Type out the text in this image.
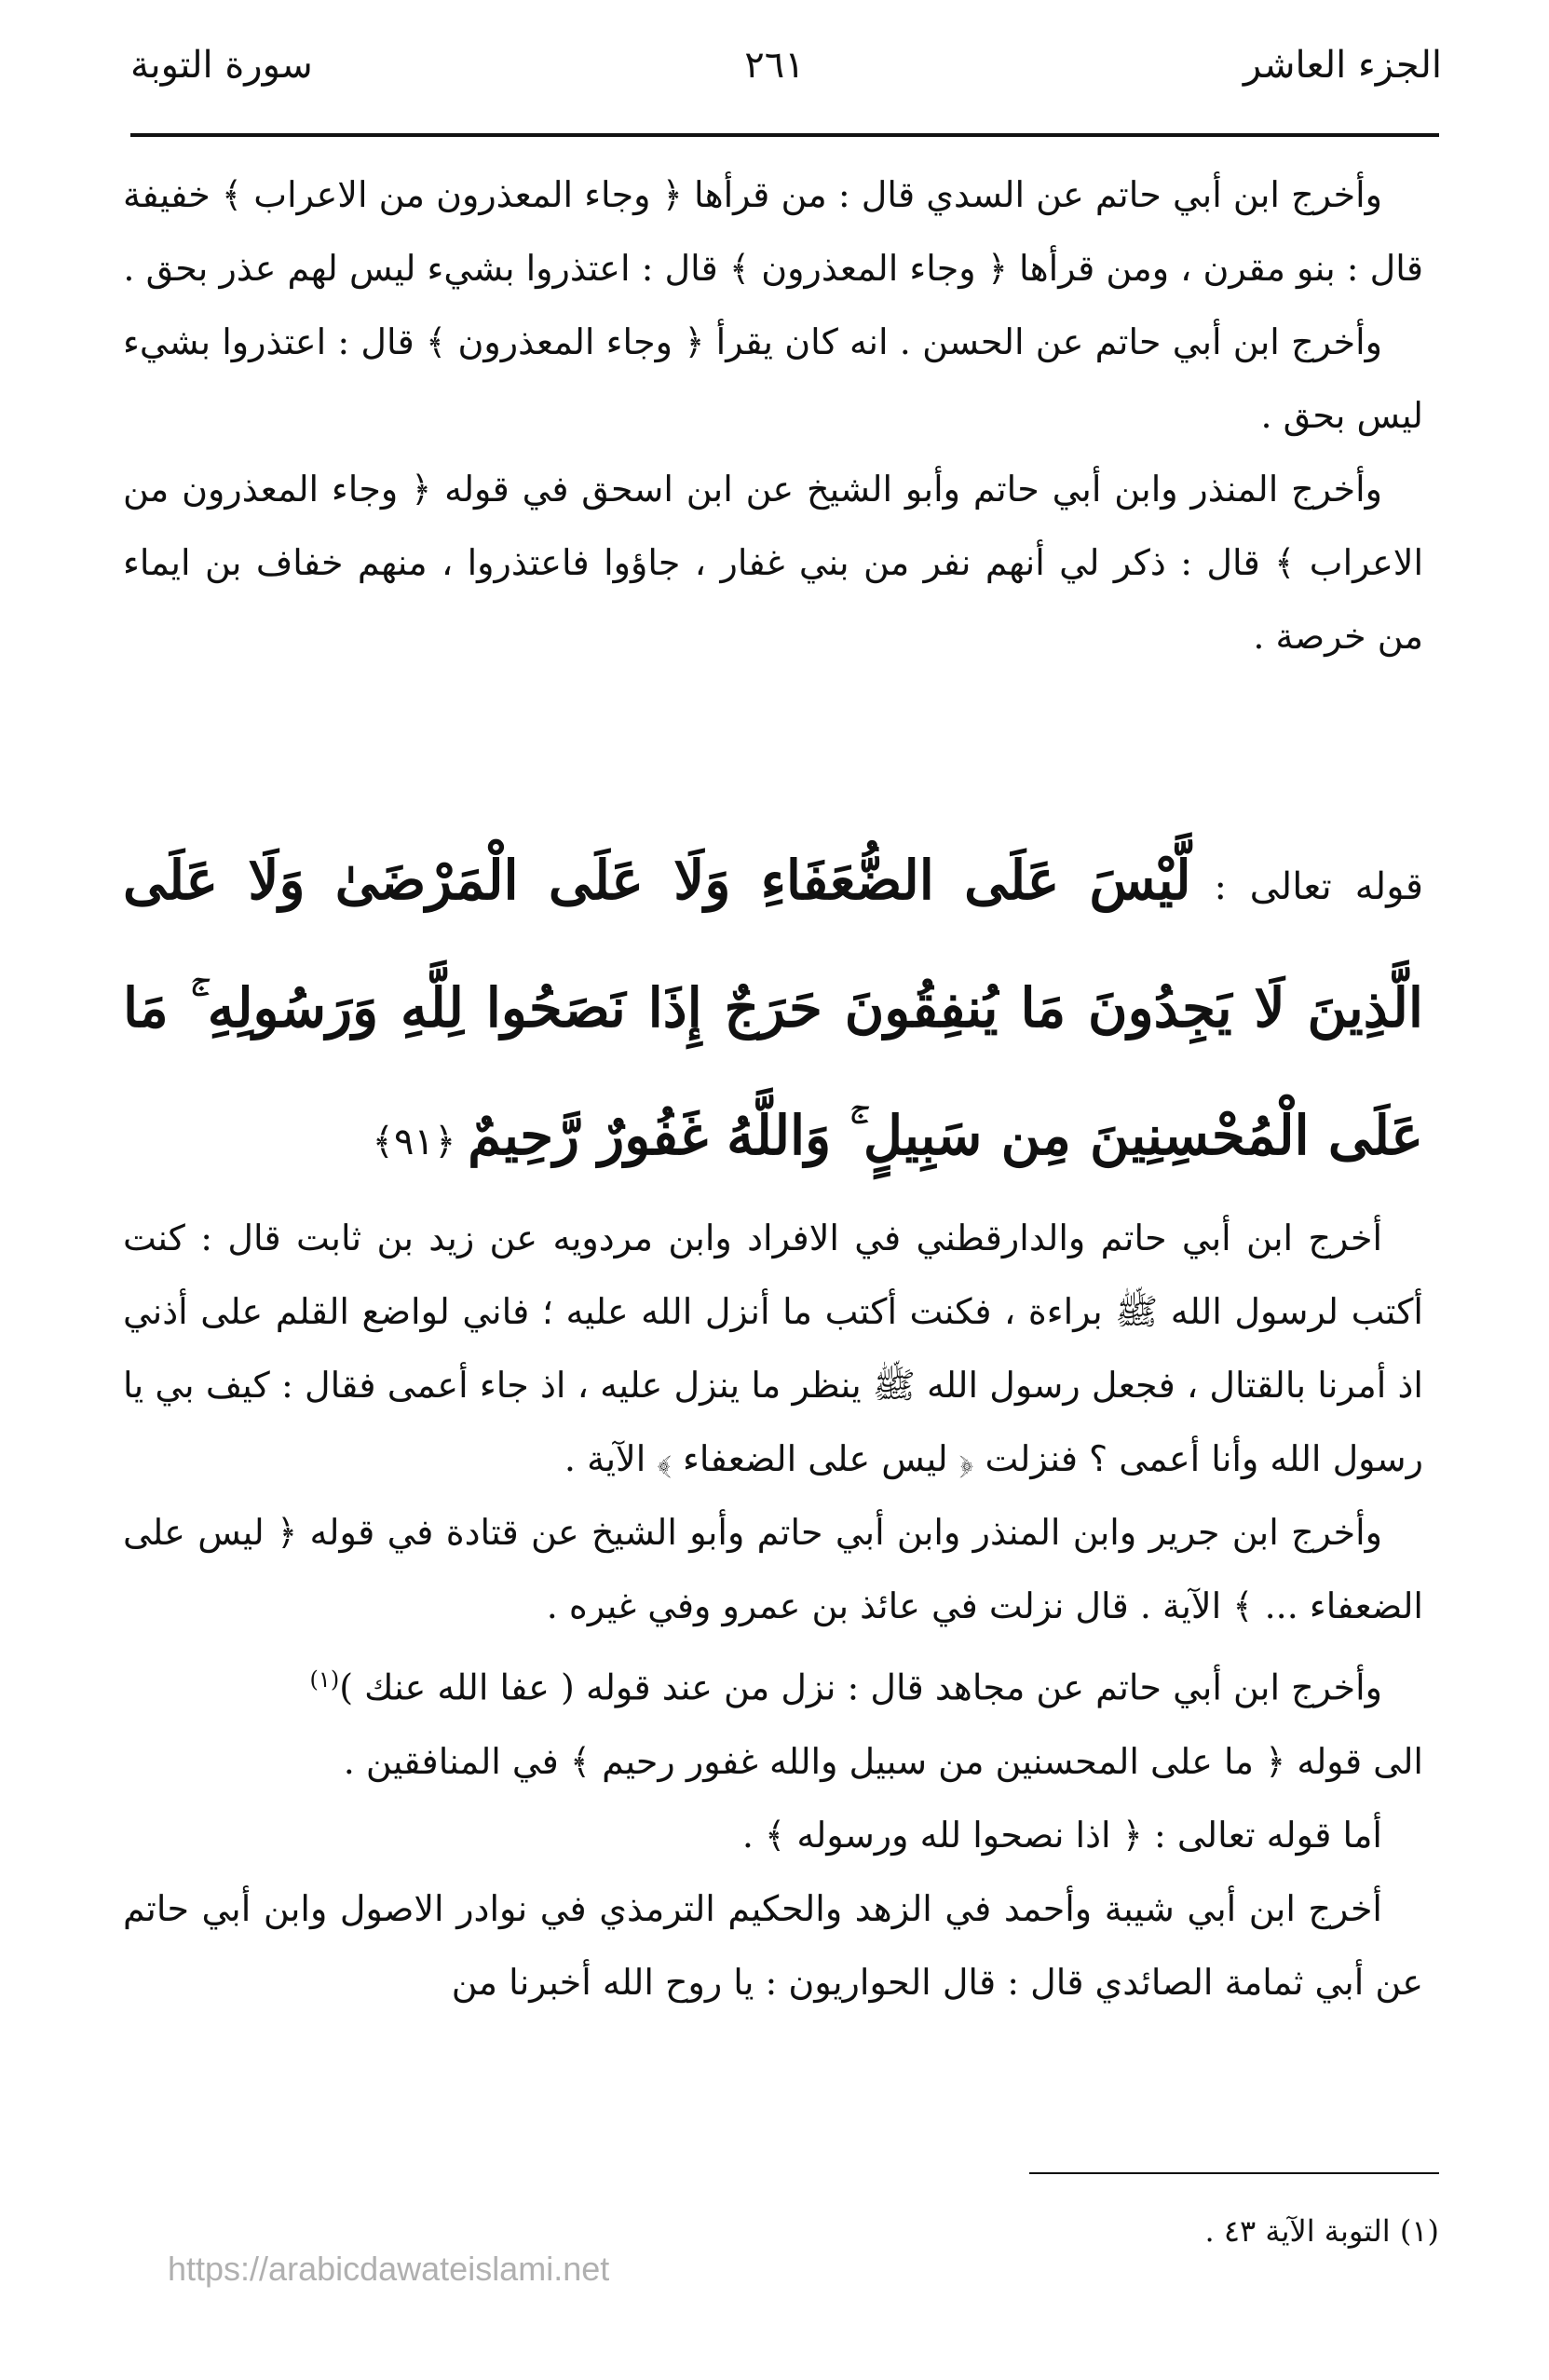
الجزء العاشر
٢٦١
سورة التوبة

وأخرج ابن أبي حاتم عن السدي قال : من قرأها ﴿ وجاء المعذرون من الاعراب ﴾ خفيفة قال : بنو مقرن ، ومن قرأها ﴿ وجاء المعذرون ﴾ قال : اعتذروا بشيء ليس لهم عذر بحق .

وأخرج ابن أبي حاتم عن الحسن . انه كان يقرأ ﴿ وجاء المعذرون ﴾ قال : اعتذروا بشيء ليس بحق .

وأخرج المنذر وابن أبي حاتم وأبو الشيخ عن ابن اسحق في قوله ﴿ وجاء المعذرون من الاعراب ﴾ قال : ذكر لي أنهم نفر من بني غفار ، جاؤوا فاعتذروا ، منهم خفاف بن ايماء من خرصة .

قوله تعالى : لَّيْسَ عَلَى الضُّعَفَاءِ وَلَا عَلَى الْمَرْضَىٰ وَلَا عَلَى الَّذِينَ لَا يَجِدُونَ مَا يُنفِقُونَ حَرَجٌ إِذَا نَصَحُوا لِلَّهِ وَرَسُولِهِ ۚ مَا عَلَى الْمُحْسِنِينَ مِن سَبِيلٍ ۚ وَاللَّهُ غَفُورٌ رَّحِيمٌ ﴿٩١﴾

أخرج ابن أبي حاتم والدارقطني في الافراد وابن مردويه عن زيد بن ثابت قال : كنت أكتب لرسول الله ﷺ براءة ، فكنت أكتب ما أنزل الله عليه ؛ فاني لواضع القلم على أذني اذ أمرنا بالقتال ، فجعل رسول الله ﷺ ينظر ما ينزل عليه ، اذ جاء أعمى فقال : كيف بي يا رسول الله وأنا أعمى ؟ فنزلت ﴿ ليس على الضعفاء ﴾ الآية .

وأخرج ابن جرير وابن المنذر وابن أبي حاتم وأبو الشيخ عن قتادة في قوله ﴿ ليس على الضعفاء ... ﴾ الآية . قال نزلت في عائذ بن عمرو وفي غيره .

وأخرج ابن أبي حاتم عن مجاهد قال : نزل من عند قوله ( عفا الله عنك )$^{(١)}$

الى قوله ﴿ ما على المحسنين من سبيل والله غفور رحيم ﴾ في المنافقين .

أما قوله تعالى : ﴿ اذا نصحوا لله ورسوله ﴾ .

أخرج ابن أبي شيبة وأحمد في الزهد والحكيم الترمذي في نوادر الاصول وابن أبي حاتم عن أبي ثمامة الصائدي قال : قال الحواريون : يا روح الله أخبرنا من

(١) التوبة الآية ٤٣ .
https://arabicdawateislami.net
